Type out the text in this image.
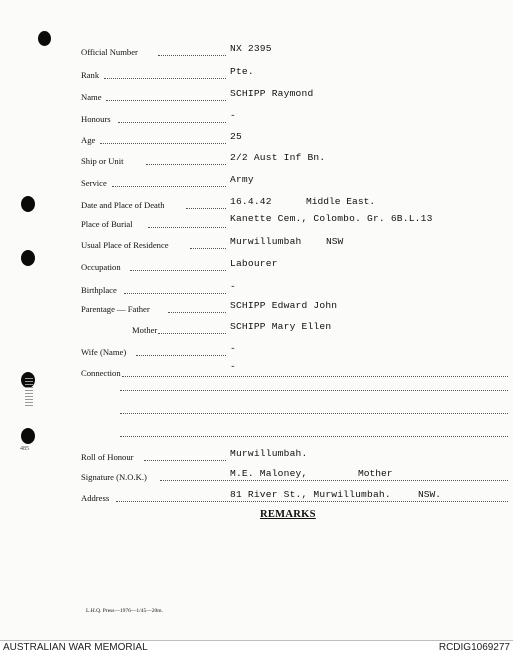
485
Official Number	NX 2395
Rank	Pte.
Name	SCHIPP Raymond
Honours	-
Age	25
Ship or Unit	2/2 Aust Inf Bn.
Service	Army
Date and Place of Death	16.4.42	Middle East.
Place of Burial	Kanette Cem., Colombo. Gr. 6B.L.13
Usual Place of Residence	Murwillumbah	NSW
Occupation	Labourer
Birthplace	-
Parentage — Father	SCHIPP Edward John
Mother	SCHIPP Mary Ellen
Wife (Name)	-
Connection
-
Roll of Honour	Murwillumbah.
Signature (N.O.K.)	M.E. Maloney,	Mother
Address	81 River St., Murwillumbah.	NSW.
REMARKS
L.H.Q. Press—1976—1/45—20m.
AUSTRALIAN WAR MEMORIAL	RCDIG1069277
